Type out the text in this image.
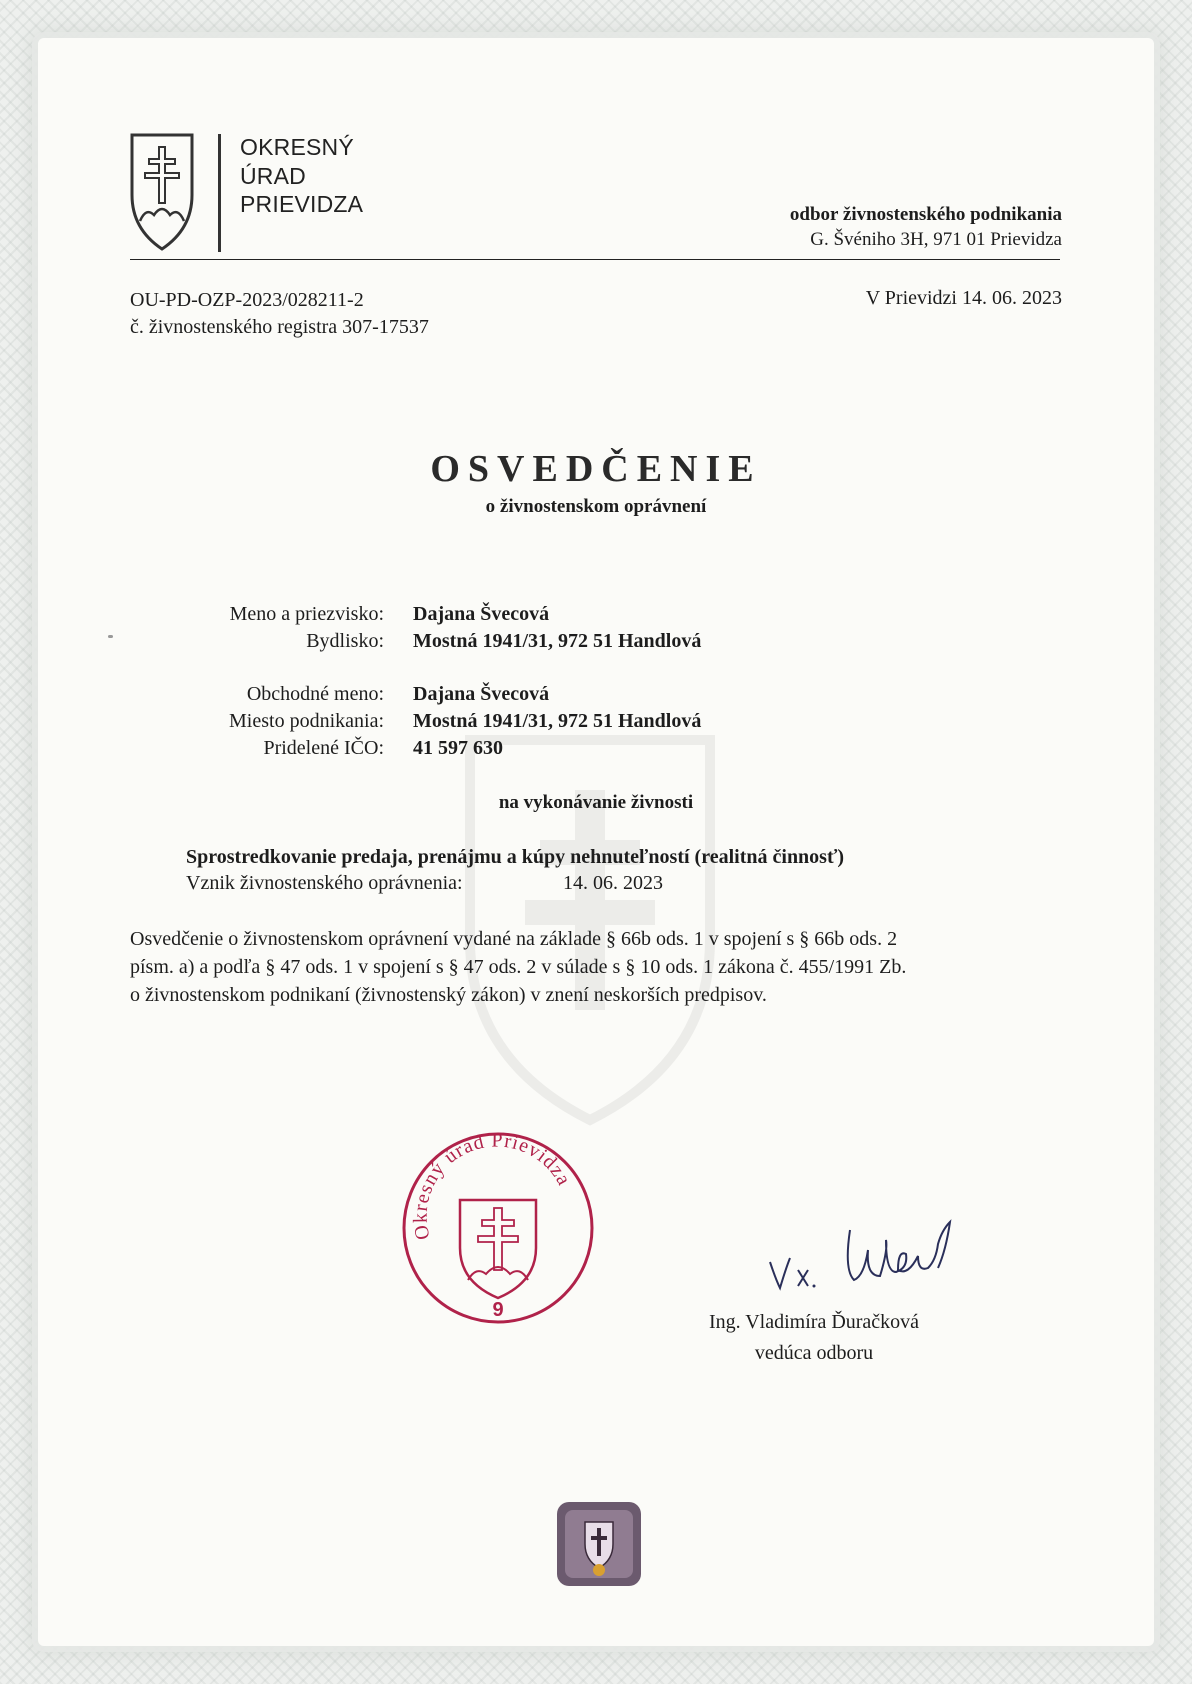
OKRESNÝ
ÚRAD
PRIEVIDZA	odbor živnostenského podnikania
G. Švéniho 3H, 971 01 Prievidza
OU-PD-OZP-2023/028211-2
č. živnostenského registra 307-17537
V Prievidzi 14. 06. 2023
OSVEDČENIE
o živnostenskom oprávnení
Meno a priezvisko: Dajana Švecová
Bydlisko: Mostná 1941/31, 972 51 Handlová
Obchodné meno: Dajana Švecová
Miesto podnikania: Mostná 1941/31, 972 51 Handlová
Pridelené IČO: 41 597 630
na vykonávanie živnosti
Sprostredkovanie predaja, prenájmu a kúpy nehnuteľností (realitná činnosť)
Vznik živnostenského oprávnenia:	14. 06. 2023
Osvedčenie o živnostenskom oprávnení vydané na základe § 66b ods. 1 v spojení s § 66b ods. 2
písm. a) a podľa § 47 ods. 1 v spojení s § 47 ods. 2 v súlade s § 10 ods. 1 zákona č. 455/1991 Zb.
o živnostenskom podnikaní (živnostenský zákon) v znení neskorších predpisov.
Okresný úrad Prievidza
9
Ing. Vladimíra Ďuračková
vedúca odboru
